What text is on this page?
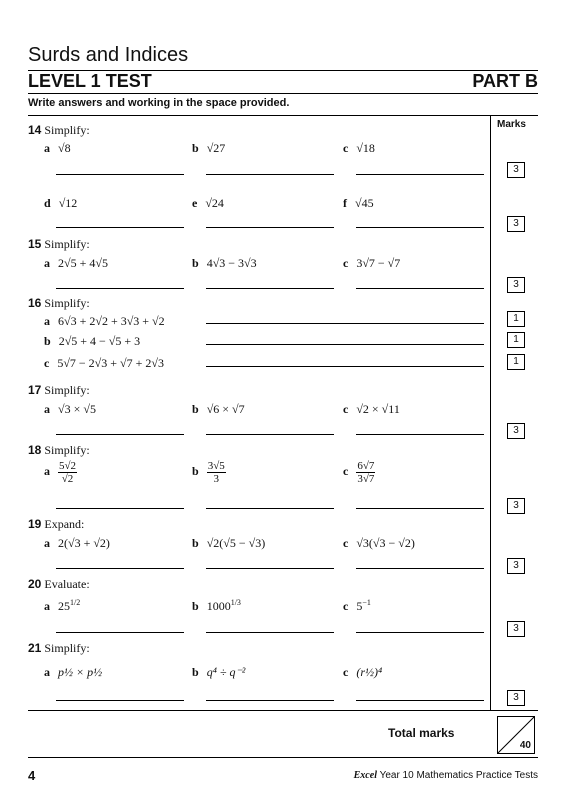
Surds and Indices
LEVEL 1 TEST	PART B
Write answers and working in the space provided.
Marks
14 Simplify:
a √8	b √27	c √18
3
d √12	e √24	f √45
3
15 Simplify:
a 2√5 + 4√5	b 4√3 − 3√3	c 3√7 − √7
3
16 Simplify:
a 6√3 + 2√2 + 3√3 + √2	1
b 2√5 + 4 − √5 + 3	1
c 5√7 − 2√3 + √7 + 2√3	1
17 Simplify:
a √3 × √5	b √6 × √7	c √2 × √11
3
18 Simplify:
a $\frac{5√2}{√2}$	b $\frac{3√5}{3}$	c $\frac{6√7}{3√7}$
3
19 Expand:
a 2(√3 + √2)	b √2(√5 − √3)	c √3(√3 − √2)
3
20 Evaluate:
a $25^{1/2}$	b $1000^{1/3}$	c $5^{-1}$
3
21 Simplify:
a p½ × p½	b q⁴ ÷ q⁻²	c (r½)⁴
3
Total marks
40
4	Excel Year 10 Mathematics Practice Tests
